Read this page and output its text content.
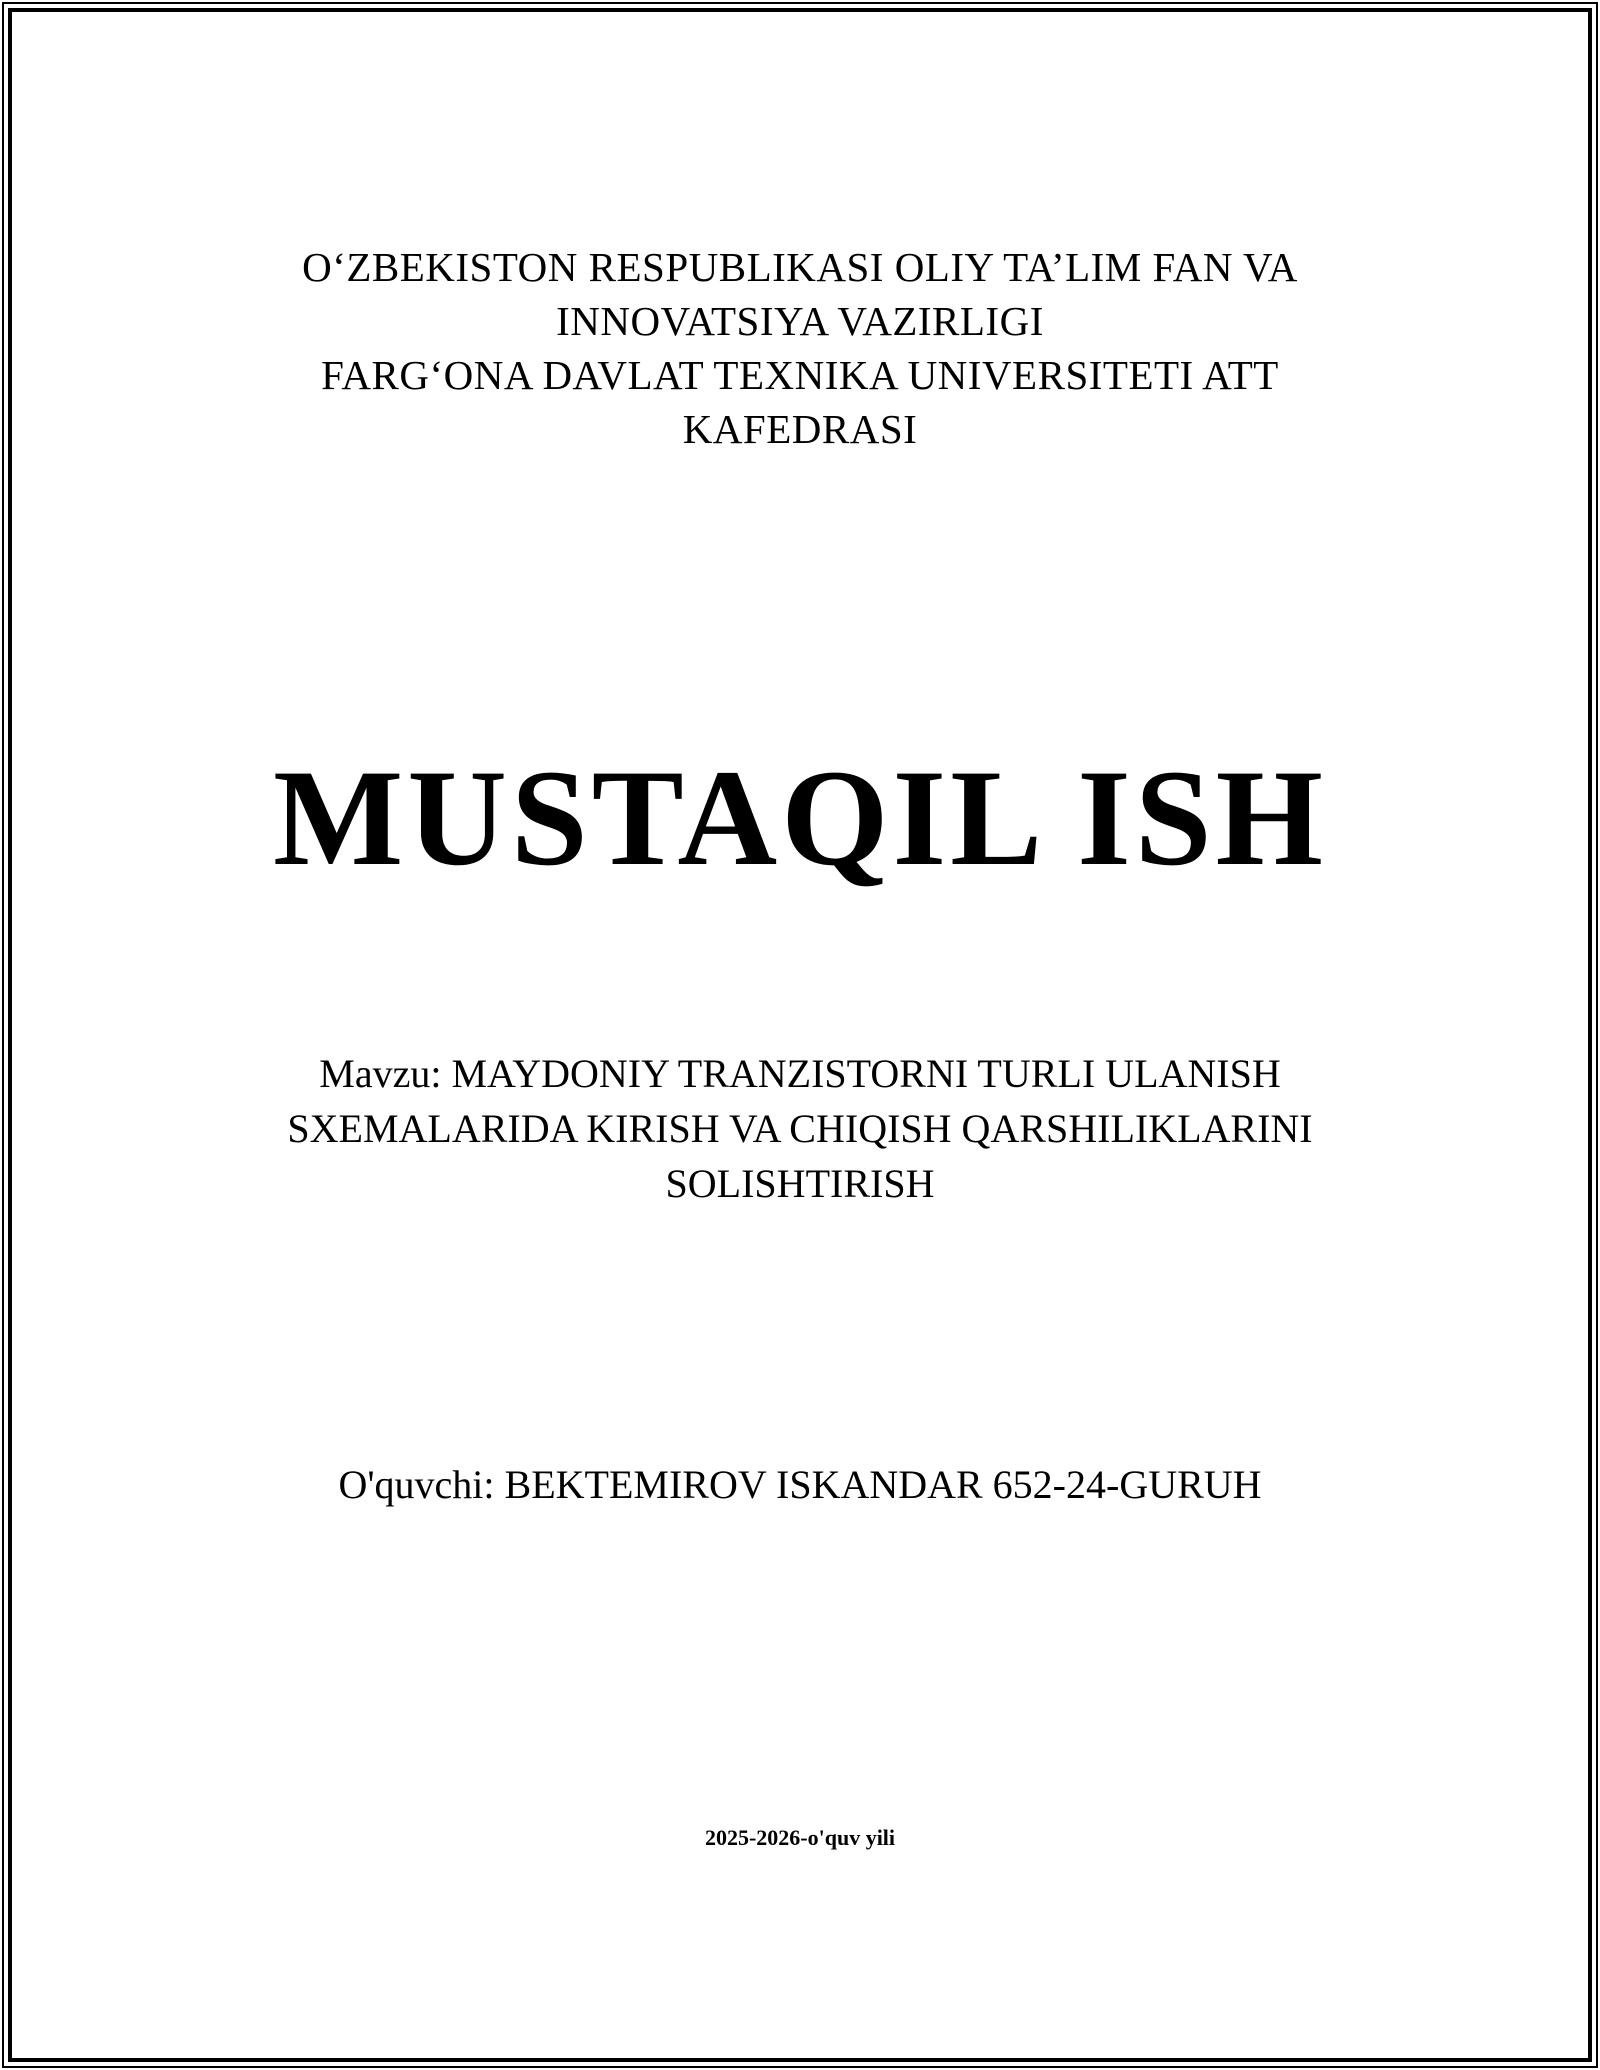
OʻZBEKISTON RESPUBLIKASI OLIY TA’LIM FAN VA
INNOVATSIYA VAZIRLIGI
FARGʻONA DAVLAT TEXNIKA UNIVERSITETI ATT
KAFEDRASI
MUSTAQIL ISH
Mavzu: MAYDONIY TRANZISTORNI TURLI ULANISH
SXEMALARIDA KIRISH VA CHIQISH QARSHILIKLARINI
SOLISHTIRISH
O'quvchi: BEKTEMIROV ISKANDAR 652-24-GURUH
2025-2026-o'quv yili
